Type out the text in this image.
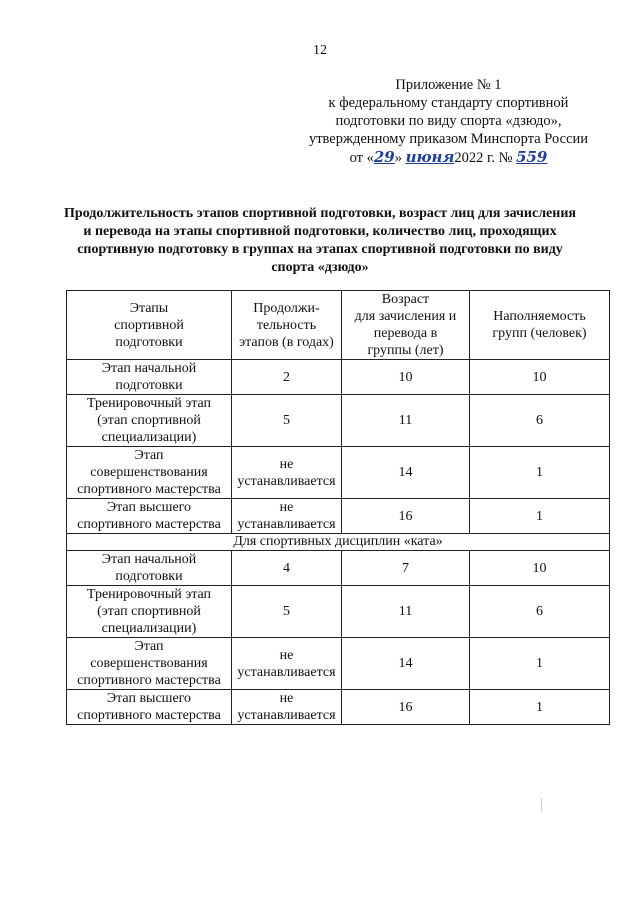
12
Приложение № 1
к федеральному стандарту спортивной
подготовки по виду спорта «дзюдо»,
утвержденному приказом Минспорта России
от «29» июня2022 г. № 559
Продолжительность этапов спортивной подготовки, возраст лиц для зачисления и перевода на этапы спортивной подготовки, количество лиц, проходящих спортивную подготовку в группах на этапах спортивной подготовки по виду спорта «дзюдо»
Этапы
спортивной
подготовки	Продолжи-
тельность
этапов (в годах)	Возраст
для зачисления и
перевода в
группы (лет)	Наполняемость
групп (человек)
Этап начальной
подготовки	2	10	10
Тренировочный этап
(этап спортивной
специализации)	5	11	6
Этап
совершенствования
спортивного мастерства	не
устанавливается	14	1
Этап высшего
спортивного мастерства	не
устанавливается	16	1
Для спортивных дисциплин «ката»			
Этап начальной
подготовки	4	7	10
Тренировочный этап
(этап спортивной
специализации)	5	11	6
Этап
совершенствования
спортивного мастерства	не
устанавливается	14	1
Этап высшего
спортивного мастерства	не
устанавливается	16	1
